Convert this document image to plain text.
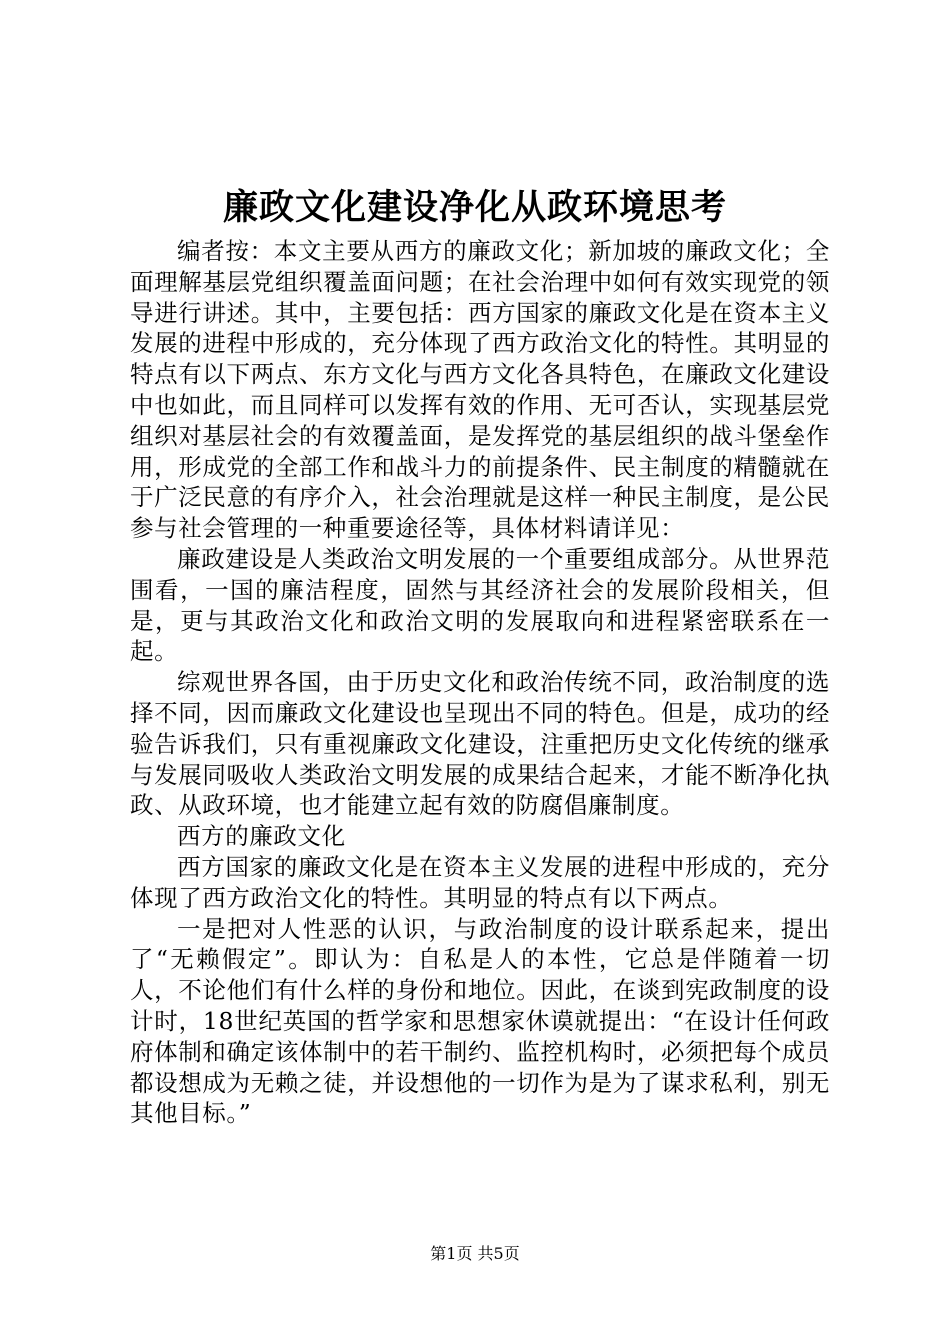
廉政文化建设净化从政环境思考

编者按：本文主要从西方的廉政文化；新加坡的廉政文化；全面理解基层党组织覆盖面问题；在社会治理中如何有效实现党的领导进行讲述。其中，主要包括：西方国家的廉政文化是在资本主义发展的进程中形成的，充分体现了西方政治文化的特性。其明显的特点有以下两点、东方文化与西方文化各具特色，在廉政文化建设中也如此，而且同样可以发挥有效的作用、无可否认，实现基层党组织对基层社会的有效覆盖面，是发挥党的基层组织的战斗堡垒作用，形成党的全部工作和战斗力的前提条件、民主制度的精髓就在于广泛民意的有序介入，社会治理就是这样一种民主制度，是公民参与社会管理的一种重要途径等，具体材料请详见：

廉政建设是人类政治文明发展的一个重要组成部分。从世界范围看，一国的廉洁程度，固然与其经济社会的发展阶段相关，但是，更与其政治文化和政治文明的发展取向和进程紧密联系在一起。

综观世界各国，由于历史文化和政治传统不同，政治制度的选择不同，因而廉政文化建设也呈现出不同的特色。但是，成功的经验告诉我们，只有重视廉政文化建设，注重把历史文化传统的继承与发展同吸收人类政治文明发展的成果结合起来，才能不断净化执政、从政环境，也才能建立起有效的防腐倡廉制度。

西方的廉政文化

西方国家的廉政文化是在资本主义发展的进程中形成的，充分体现了西方政治文化的特性。其明显的特点有以下两点。

一是把对人性恶的认识，与政治制度的设计联系起来，提出了“无赖假定”。即认为：自私是人的本性，它总是伴随着一切人，不论他们有什么样的身份和地位。因此，在谈到宪政制度的设计时，18世纪英国的哲学家和思想家休谟就提出：“在设计任何政府体制和确定该体制中的若干制约、监控机构时，必须把每个成员都设想成为无赖之徒，并设想他的一切作为是为了谋求私利，别无其他目标。”

第1页 共5页
